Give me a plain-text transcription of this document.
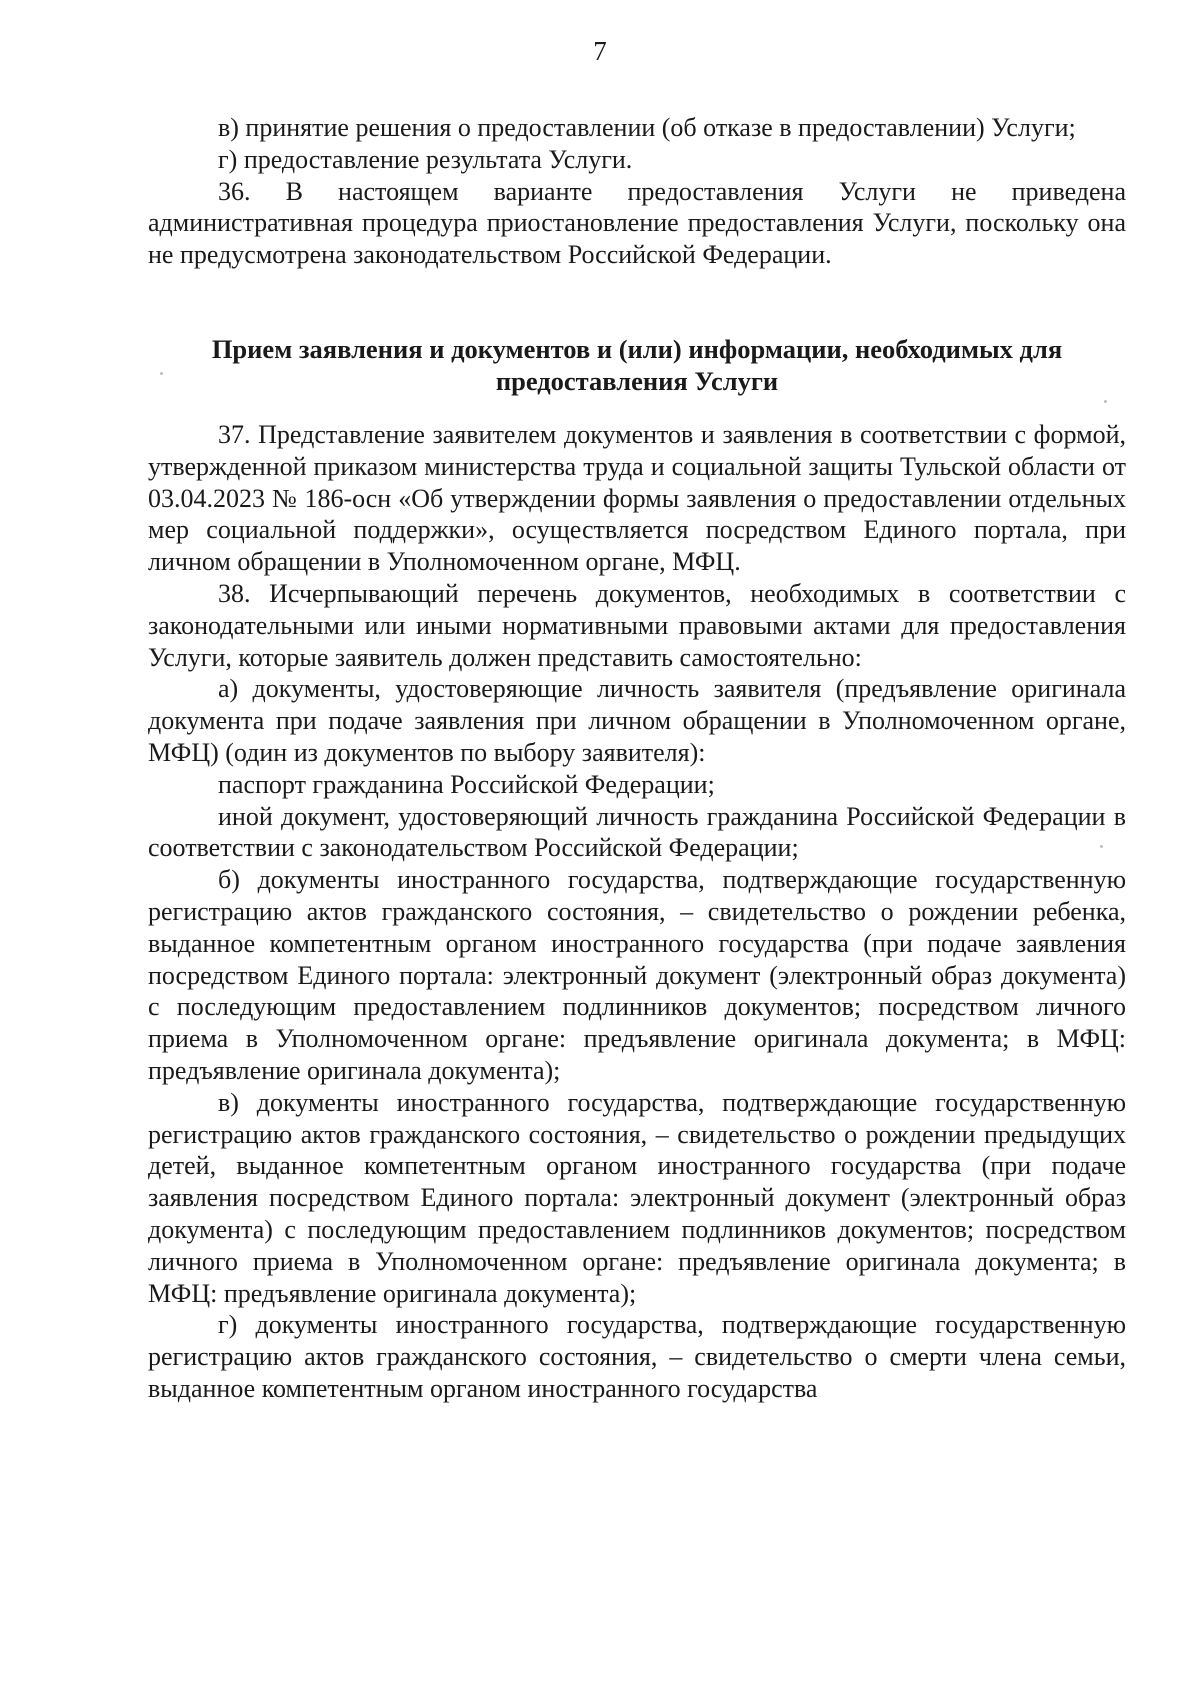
7

в) принятие решения о предоставлении (об отказе в предоставлении) Услуги;

г) предоставление результата Услуги.

36. В настоящем варианте предоставления Услуги не приведена административная процедура приостановление предоставления Услуги, поскольку она не предусмотрена законодательством Российской Федерации.

Прием заявления и документов и (или) информации, необходимых для предоставления Услуги

37. Представление заявителем документов и заявления в соответствии с формой, утвержденной приказом министерства труда и социальной защиты Тульской области от 03.04.2023 № 186-осн «Об утверждении формы заявления о предоставлении отдельных мер социальной поддержки», осуществляется посредством Единого портала, при личном обращении в Уполномоченном органе, МФЦ.

38. Исчерпывающий перечень документов, необходимых в соответствии с законодательными или иными нормативными правовыми актами для предоставления Услуги, которые заявитель должен представить самостоятельно:

а) документы, удостоверяющие личность заявителя (предъявление оригинала документа при подаче заявления при личном обращении в Уполномоченном органе, МФЦ) (один из документов по выбору заявителя):

паспорт гражданина Российской Федерации;

иной документ, удостоверяющий личность гражданина Российской Федерации в соответствии с законодательством Российской Федерации;

б) документы иностранного государства, подтверждающие государственную регистрацию актов гражданского состояния, – свидетельство о рождении ребенка, выданное компетентным органом иностранного государства (при подаче заявления посредством Единого портала: электронный документ (электронный образ документа) с последующим предоставлением подлинников документов; посредством личного приема в Уполномоченном органе: предъявление оригинала документа; в МФЦ: предъявление оригинала документа);

в) документы иностранного государства, подтверждающие государственную регистрацию актов гражданского состояния, – свидетельство о рождении предыдущих детей, выданное компетентным органом иностранного государства (при подаче заявления посредством Единого портала: электронный документ (электронный образ документа) с последующим предоставлением подлинников документов; посредством личного приема в Уполномоченном органе: предъявление оригинала документа; в МФЦ: предъявление оригинала документа);

г) документы иностранного государства, подтверждающие государственную регистрацию актов гражданского состояния, – свидетельство о смерти члена семьи, выданное компетентным органом иностранного государства
